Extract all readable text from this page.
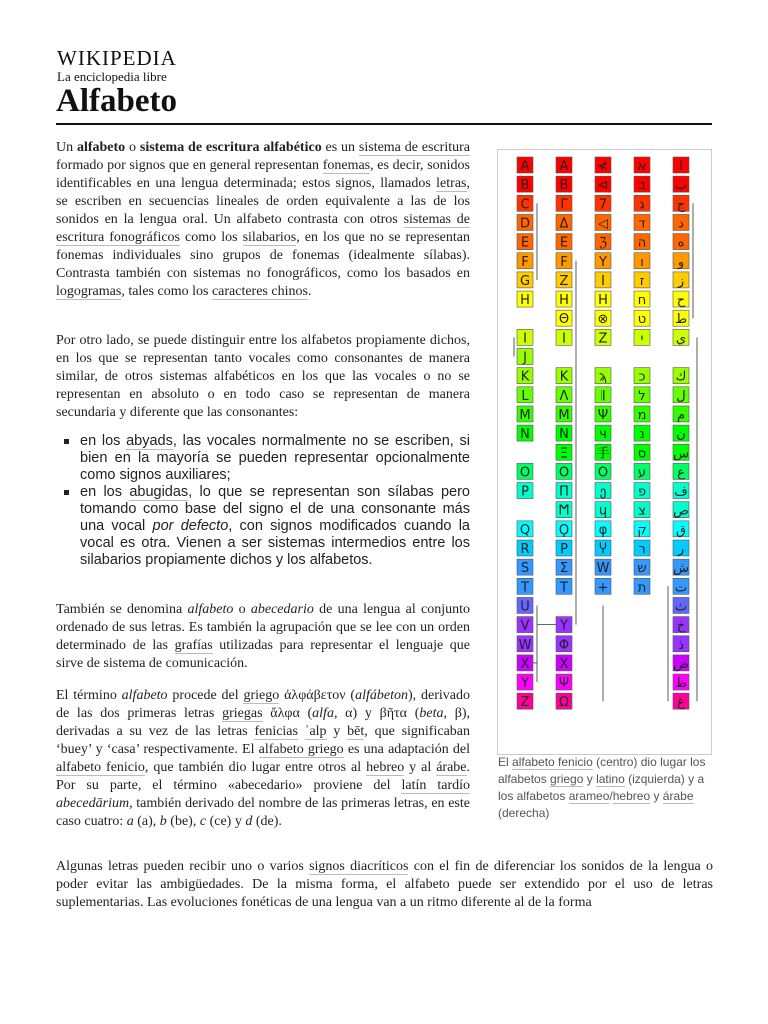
WIKIPEDIA
La enciclopedia libre
Alfabeto

Un alfabeto o sistema de escritura alfabético es un sistema de escritura formado por signos que en general representan fonemas, es decir, sonidos identificables en una lengua determinada; estos signos, llamados letras, se escriben en secuencias lineales de orden equivalente a las de los sonidos en la lengua oral. Un alfabeto contrasta con otros sistemas de escritura fonográficos como los silabarios, en los que no se representan fonemas individuales sino grupos de fonemas (idealmente sílabas). Contrasta también con sistemas no fonográficos, como los basados en logogramas, tales como los caracteres chinos.

Por otro lado, se puede distinguir entre los alfabetos propiamente dichos, en los que se representan tanto vocales como consonantes de manera similar, de otros sistemas alfabéticos en los que las vocales o no se representan en absoluto o en todo caso se representan de manera secundaria y diferente que las consonantes:

en los abyads, las vocales normalmente no se escriben, si bien en la mayoría se pueden representar opcionalmente como signos auxiliares;
en los abugidas, lo que se representan son sílabas pero tomando como base del signo el de una consonante más una vocal por defecto, con signos modificados cuando la vocal es otra. Vienen a ser sistemas intermedios entre los silabarios propiamente dichos y los alfabetos.

También se denomina alfabeto o abecedario de una lengua al conjunto ordenado de sus letras. Es también la agrupación que se lee con un orden determinado de las grafías utilizadas para representar el lenguaje que sirve de sistema de comunicación.

El término alfabeto procede del griego ἀλφάβετον (alfábeton), derivado de las dos primeras letras griegas ἄλφα (alfa, α) y βῆτα (beta, β), derivadas a su vez de las letras fenicias ʾalp y bēt, que significaban ‘buey’ y ‘casa’ respectivamente. El alfabeto griego es una adaptación del alfabeto fenicio, que también dio lugar entre otros al hebreo y al árabe. Por su parte, el término «abecedario» proviene del latín tardío abecedārium, también derivado del nombre de las primeras letras, en este caso cuatro: a (a), b (be), c (ce) y d (de).

Algunas letras pueden recibir uno o varios signos diacríticos con el fin de diferenciar los sonidos de la lengua o poder evitar las ambigüedades. De la misma forma, el alfabeto puede ser extendido por el uso de letras suplementarias. Las evoluciones fonéticas de una lengua van a un ritmo diferente al de la forma

A
B
C
D
E
F
G
H
I
J
K
L
M
N
O
P
Q
R
S
T
U
V
W
X
Y
Z
Α
Β
Γ
Δ
Ε
F
Z
Η
Θ
Ι
Κ
Λ
Μ
Ν
Ξ
Ο
Π
Ϻ
Ϙ
Ρ
Σ
Τ
Υ
Φ
Χ
Ψ
Ω
≮
⊲
7
◁
ℨ
Y
I
H
⊗
Z
ϡ
𝄂
Ψ
ч
手
O
ე
ɥ
φ
Ⴤ
W
+
א
ב
ג
ד
ה
ו
ז
ח
ט
י
כ
ל
מ
נ
ס
ע
פ
צ
ק
ר
ש
ת
ا
ب
ج
د
ه
و
ز
ح
ط
ي
ك
ل
م
ن
س
ع
ف
ص
ق
ر
ش
ت
ث
خ
ذ
ض
ظ
غ
El alfabeto fenicio (centro) dio lugar los alfabetos griego y latino (izquierda) y a los alfabetos arameo/hebreo y árabe (derecha)
